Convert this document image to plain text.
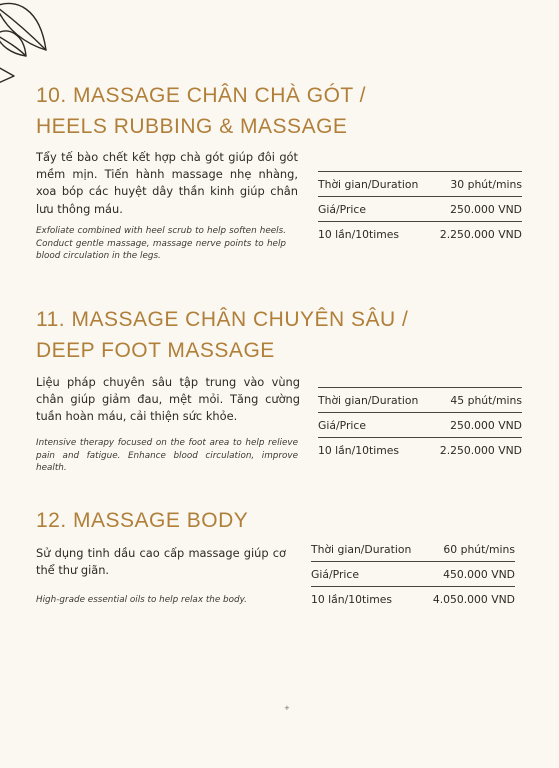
10. MASSAGE CHÂN CHÀ GÓT /
HEELS RUBBING & MASSAGE

Tẩy tế bào chết kết hợp chà gót giúp đôi gót mềm mịn. Tiến hành massage nhẹ nhàng, xoa bóp các huyệt dây thần kinh giúp chân lưu thông máu.

Exfoliate combined with heel scrub to help soften heels. Conduct gentle massage, massage nerve points to help blood circulation in the legs.

Thời gian/Duration	30 phút/mins
Giá/Price	250.000 VND
10 lần/10times	2.250.000 VND
11. MASSAGE CHÂN CHUYÊN SÂU /
DEEP FOOT MASSAGE

Liệu pháp chuyên sâu tập trung vào vùng chân giúp giảm đau, mệt mỏi. Tăng cường tuần hoàn máu, cải thiện sức khỏe.

Intensive therapy focused on the foot area to help relieve pain and fatigue. Enhance blood circulation, improve health.

Thời gian/Duration	45 phút/mins
Giá/Price	250.000 VND
10 lần/10times	2.250.000 VND
12. MASSAGE BODY

Sử dụng tinh dầu cao cấp massage giúp cơ thể thư giãn.

High-grade essential oils to help relax the body.

Thời gian/Duration	60 phút/mins
Giá/Price	450.000 VND
10 lần/10times	4.050.000 VND
+
